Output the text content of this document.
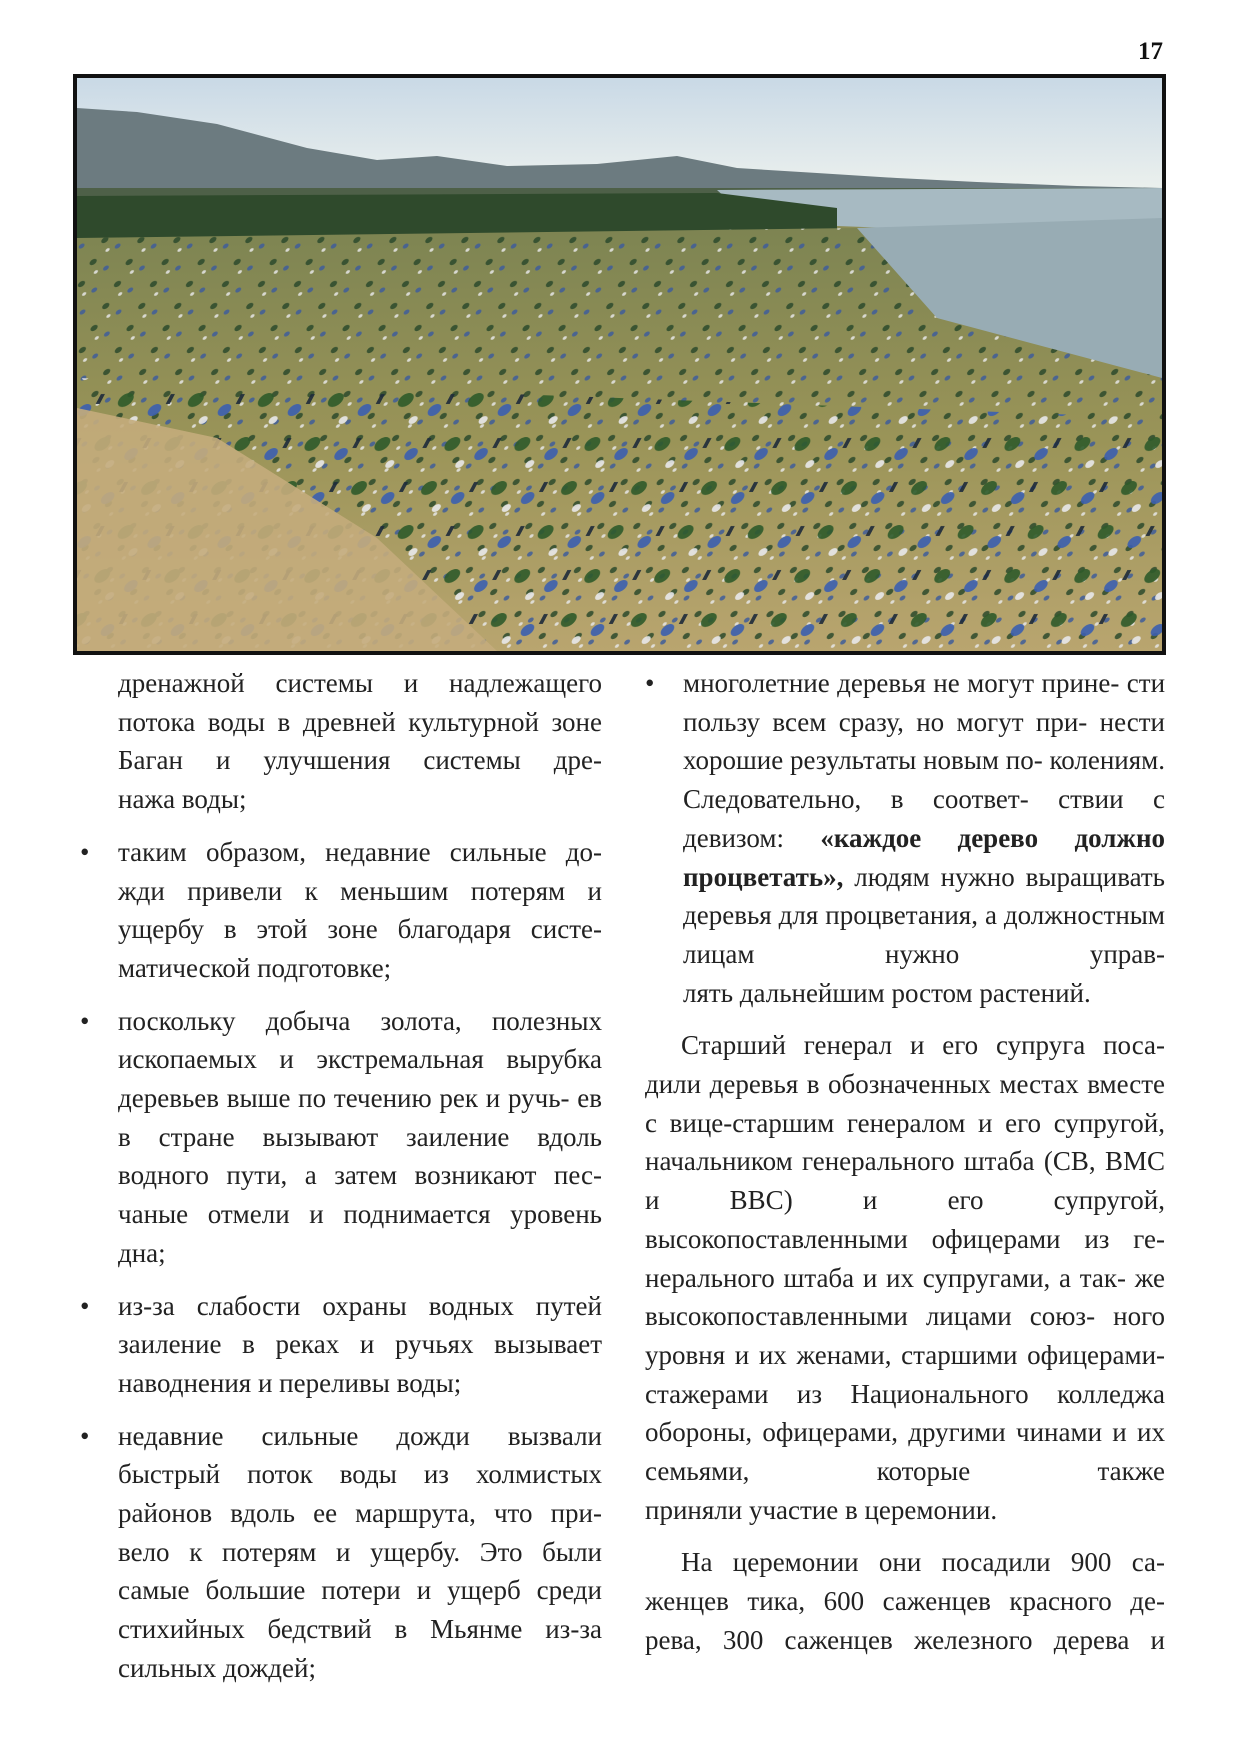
17

дренажной системы и надлежащего потока воды в древней культурной зоне Баган и улучшения системы дре-

нажа воды;
• таким образом, недавние сильные до- жди привели к меньшим потерям и ущербу в этой зоне благодаря систе-

матической подготовке;
• поскольку добыча золота, полезных ископаемых и экстремальная вырубка деревьев выше по течению рек и ручь- ев в стране вызывают заиление вдоль водного пути, а затем возникают пес- чаные отмели и поднимается уровень

дна;
• из-за слабости охраны водных путей заиление в реках и ручьях вызывает

наводнения и переливы воды;
• недавние сильные дожди вызвали быстрый поток воды из холмистых районов вдоль ее маршрута, что при- вело к потерям и ущербу. Это были самые большие потери и ущерб среди стихийных бедствий в Мьянме из-за

сильных дождей;
• многолетние деревья не могут прине- сти пользу всем сразу, но могут при- нести хорошие результаты новым по- колениям. Следовательно, в соответ- ствии с девизом: «каждое дерево должно процветать», людям нужно выращивать деревья для процветания, а должностным лицам нужно управ-

лять дальнейшим ростом растений.

Старший генерал и его супруга поса- дили деревья в обозначенных местах вместе с вице-старшим генералом и его супругой, начальником генерального штаба (СВ, ВМС и ВВС) и его супругой, высокопоставленными офицерами из ге- нерального штаба и их супругами, а так- же высокопоставленными лицами союз- ного уровня и их женами, старшими офицерами-стажерами из Национального колледжа обороны, офицерами, другими чинами и их семьями, которые также

приняли участие в церемонии.

На церемонии они посадили 900 са- женцев тика, 600 саженцев красного де- рева, 300 саженцев железного дерева и
